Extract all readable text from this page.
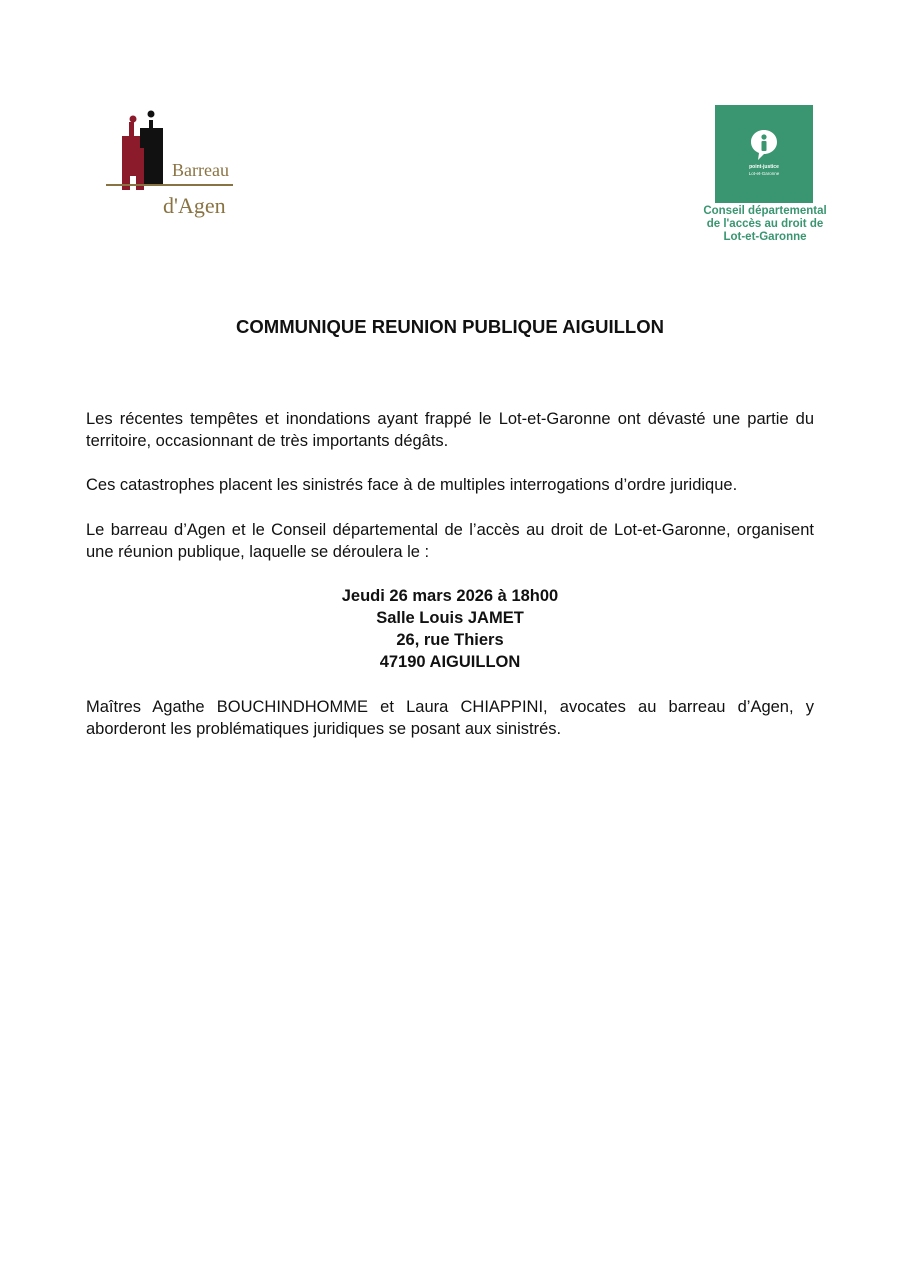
Barreau
d'Agen
point-justice
Lot-et-Garonne
Conseil départemental
de l'accès au droit de
Lot-et-Garonne
COMMUNIQUE REUNION PUBLIQUE AIGUILLON
Les récentes tempêtes et inondations ayant frappé le Lot-et-Garonne ont dévasté une partie du territoire, occasionnant de très importants dégâts.
Ces catastrophes placent les sinistrés face à de multiples interrogations d’ordre juridique.
Le barreau d’Agen et le Conseil départemental de l’accès au droit de Lot-et-Garonne, organisent une réunion publique, laquelle se déroulera le :
Jeudi 26 mars 2026 à 18h00
Salle Louis JAMET
26, rue Thiers
47190 AIGUILLON
Maîtres Agathe BOUCHINDHOMME et Laura CHIAPPINI, avocates au barreau d’Agen, y aborderont les problématiques juridiques se posant aux sinistrés.
